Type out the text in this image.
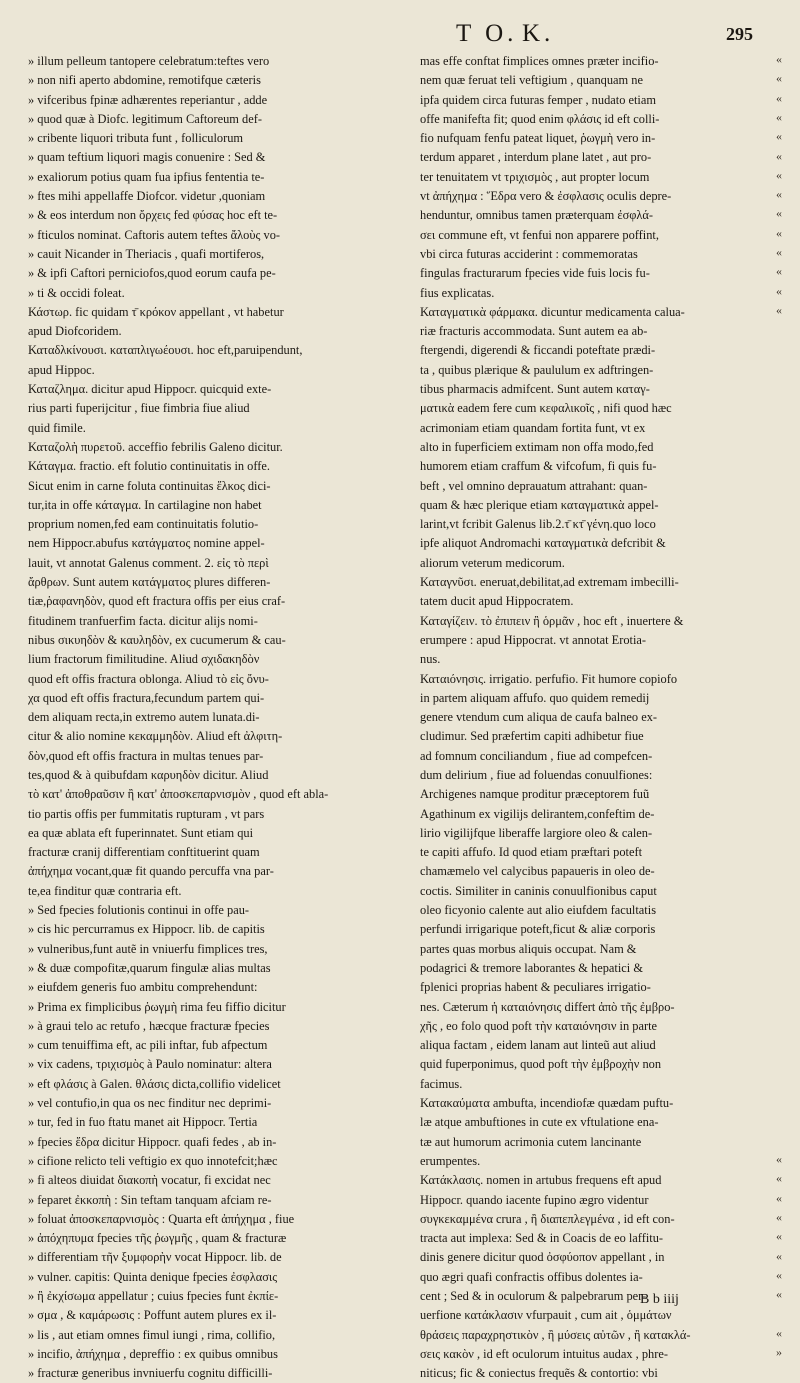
T O. K.	295
» illum pelleum tantopere celebratum:teftes vero
» non nifi aperto abdomine, remotifque cæteris
» vifceribus fpinæ adhærentes reperiantur , adde
» quod quæ à Diofc. legitimum Caftoreum def-
» cribente liquori tributa funt , folliculorum
» quam teftium liquori magis conuenire : Sed &
» exaliorum potius quam fua ipfius fententia te-
» ftes mihi appellaffe Diofcor. videtur ,quoniam
» & eos interdum non ὄρχεις fed φύσας hoc eft te-
» fticulos nominat. Caftoris autem teftes ἄλοὺς vo-
» cauit Nicander in Theriacis , quafi mortiferos,
» & ipfi Caftori perniciofos,quod eorum caufa pe-
» ti & occidi foleat.
Κάστωρ. fic quidam τ̄ κρόκον appellant , vt habetur
apud Diofcoridem.
Καταδλκίνουσι. καταπλιγωέουσι. hoc eft,paruipendunt,
apud Hippoc.
Καταζλημα. dicitur apud Hippocr. quicquid exte-
rius parti fuperijcitur , fiue fimbria fiue aliud
quid fimile.
Καταζολὴ πυρετοῦ. acceffio febrilis Galeno dicitur.
Κάταγμα. fractio. eft folutio continuitatis in offe.
Sicut enim in carne foluta continuitas ἕλκος dici-
tur,ita in offe κάταγμα. In cartilagine non habet
proprium nomen,fed eam continuitatis folutio-
nem Hippocr.abufus κατάγματος nomine appel-
lauit, vt annotat Galenus comment. 2. εἰς τὸ περὶ
ἄρθρων. Sunt autem κατάγματος plures differen-
tiæ,ῥαφανηδὸν, quod eft fractura offis per eius craf-
fitudinem tranfuerfim facta. dicitur alijs nomi-
nibus σικυηδὸν & καυληδὸν, ex cucumerum & cau-
lium fractorum fimilitudine. Aliud σχιδακηδὸν
quod eft offis fractura oblonga. Aliud τὸ εἰς ὄνυ-
χα quod eft offis fractura,fecundum partem qui-
dem aliquam recta,in extremo autem lunata.di-
citur & alio nomine κεκαμμηδὸν. Aliud eft ἀλφιτη-
δὸν,quod eft offis fractura in multas tenues par-
tes,quod & à quibufdam καρυηδὸν dicitur. Aliud
τὸ κατ' ἀποθραῦσιν ἢ κατ' ἀποσκεπαρνισμὸν , quod eft abla-
tio partis offis per fummitatis rupturam , vt pars
ea quæ ablata eft fuperinnatet. Sunt etiam qui
fracturæ cranij differentiam conftituerint quam
ἀπήχημα vocant,quæ fit quando percuffa vna par-
te,ea finditur quæ contraria eft.
» Sed fpecies folutionis continui in offe pau-
» cis hic percurramus ex Hippocr. lib. de capitis
» vulneribus,funt autẽ in vniuerfu fimplices tres,
» & duæ compofitæ,quarum fingulæ alias multas
» eiufdem generis fuo ambitu comprehendunt:
» Prima ex fimplicibus ῥωγμὴ rima feu fiffio dicitur
» à graui telo ac retufo , hæcque fracturæ fpecies
» cum tenuiffima eft, ac pili inftar, fub afpectum
» vix cadens, τριχισμὸς à Paulo nominatur: altera
» eft φλάσις à Galen. θλάσις dicta,collifio videlicet
» vel contufio,in qua os nec finditur nec deprimi-
» tur, fed in fuo ftatu manet ait Hippocr. Tertia
» fpecies ἕδρα dicitur Hippocr. quafi fedes , ab in-
» cifione relicto teli veftigio ex quo innotefcit;hæc
» fi alteos diuidat διακοπὴ vocatur, fi excidat nec
» feparet ἐκκοπὴ : Sin teftam tanquam afciam re-
» foluat ἀποσκεπαρνισμὸς : Quarta eft ἀπήχημα , fiue
» ἀπόχηπυμα fpecies τῆς ῥωγμῆς , quam & fracturæ
» differentiam τῆν ξυμφορὴν vocat Hippocr. lib. de
» vulner. capitis: Quinta denique fpecies ἐσφλασις
» ἢ ἐκχίσωμα appellatur ; cuius fpecies funt ἐκπίε-
» σμα , & καμάρωσις : Poffunt autem plures ex il-
» lis , aut etiam omnes fimul iungi , rima, collifio,
» incifio, ἀπήχημα , depreffio : ex quibus omnibus
» fracturæ generibus invniuerfu cognitu difficilli-
mas effe conftat fimplices omnes præter incifio-
nem quæ feruat teli veftigium , quanquam ne
ipfa quidem circa futuras femper , nudato etiam
offe manifefta fit; quod enim φλάσις id eft colli-
fio nufquam fenfu pateat liquet, ῥωγμὴ vero in-
terdum apparet , interdum plane latet , aut pro-
ter tenuitatem vt τριχισμὸς , aut propter locum
vt ἀπήχημα : Ἕδρα vero & ἐσφλασις oculis depre-
henduntur, omnibus tamen præterquam ἐσφλά-
σει commune eft, vt fenfui non apparere poffint,
vbi circa futuras acciderint : commemoratas
fingulas fracturarum fpecies vide fuis locis fu-
fius explicatas.
Καταγματικὰ φάρμακα. dicuntur medicamenta calua-
riæ fracturis accommodata. Sunt autem ea ab-
ftergendi, digerendi & ficcandi poteftate prædi-
ta , quibus plærique & paululum ex adftringen-
tibus pharmacis admifcent. Sunt autem καταγ-
ματικὰ eadem fere cum κεφαλικοῖς , nifi quod hæc
acrimoniam etiam quandam fortita funt, vt ex
alto in fuperficiem extimam non offa modo,fed
humorem etiam craffum & vifcofum, fi quis fu-
beft , vel omnino deprauatum attrahant: quan-
quam & hæc plerique etiam καταγματικὰ appel-
larint,vt fcribit Galenus lib.2.τ̄ κτ̄ γένη.quo loco
ipfe aliquot Andromachi καταγματικὰ defcribit &
aliorum veterum medicorum.
Καταγνῦσι. eneruat,debilitat,ad extremam imbecilli-
tatem ducit apud Hippocratem.
Καταγίζειν. τὸ ἐπιπειν ἢ ὁρμᾶν , hoc eft , inuertere &
erumpere : apud Hippocrat. vt annotat Erotia-
nus.
Καταιόνησις. irrigatio. perfufio. Fit humore copiofo
in partem aliquam affufo. quo quidem remedij
genere vtendum cum aliqua de caufa balneo ex-
cludimur. Sed præfertim capiti adhibetur fiue
ad fomnum conciliandum , fiue ad compefcen-
dum delirium , fiue ad foluendas conuulfiones:
Archigenes namque proditur præceptorem fuũ
Agathinum ex vigilijs delirantem,confeftim de-
lirio vigilijfque liberaffe largiore oleo & calen-
te capiti affufo. Id quod etiam præftari poteft
chamæmelo vel calycibus papaueris in oleo de-
coctis. Similiter in caninis conuulfionibus caput
oleo ficyonio calente aut alio eiufdem facultatis
perfundi irrigarique poteft,ficut & aliæ corporis
partes quas morbus aliquis occupat. Nam &
podagrici & tremore laborantes & hepatici &
fplenici proprias habent & peculiares irrigatio-
nes. Cæterum ἡ καταιόνησις differt ἀπὸ τῆς ἐμβρο-
χῆς , eo folo quod poft τὴν καταιόνησιν in parte
aliqua factam , eidem lanam aut linteũ aut aliud
quid fuperponimus, quod poft τὴν ἐμβροχὴν non
facimus.
Κατακαύματα ambufta, incendiofæ quædam puftu-
læ atque ambuftiones in cute ex vftulatione ena-
tæ aut humorum acrimonia cutem lancinante
erumpentes.
Κατάκλασις. nomen in artubus frequens eft apud
Hippocr. quando iacente fupino ægro videntur
συγκεκαμμένα crura , ἢ διαπεπλεγμένα , id eft con-
tracta aut implexa: Sed & in Coacis de eo laffitu-
dinis genere dicitur quod ὀσφύοπον appellant , in
quo ægri quafi confractis offibus dolentes ia-
cent ; Sed & in oculorum & palpebrarum per-
uerfione κατάκλασιν vfurpauit , cum ait , ὁμμάτων
θράσεις παραχρηστικὸν , ἢ μύσεις αὐτῶν , ἢ κατακλά-
σεις κακὸν , id eft oculorum intuitus audax , phre-
niticus; fic & coniectus frequẽs & contortio: vbi
«
«
«
«
«
«
«
«
«
«
«
«
«
«
«
«
«
«
«
«
«
«
«
»
B b iiij
